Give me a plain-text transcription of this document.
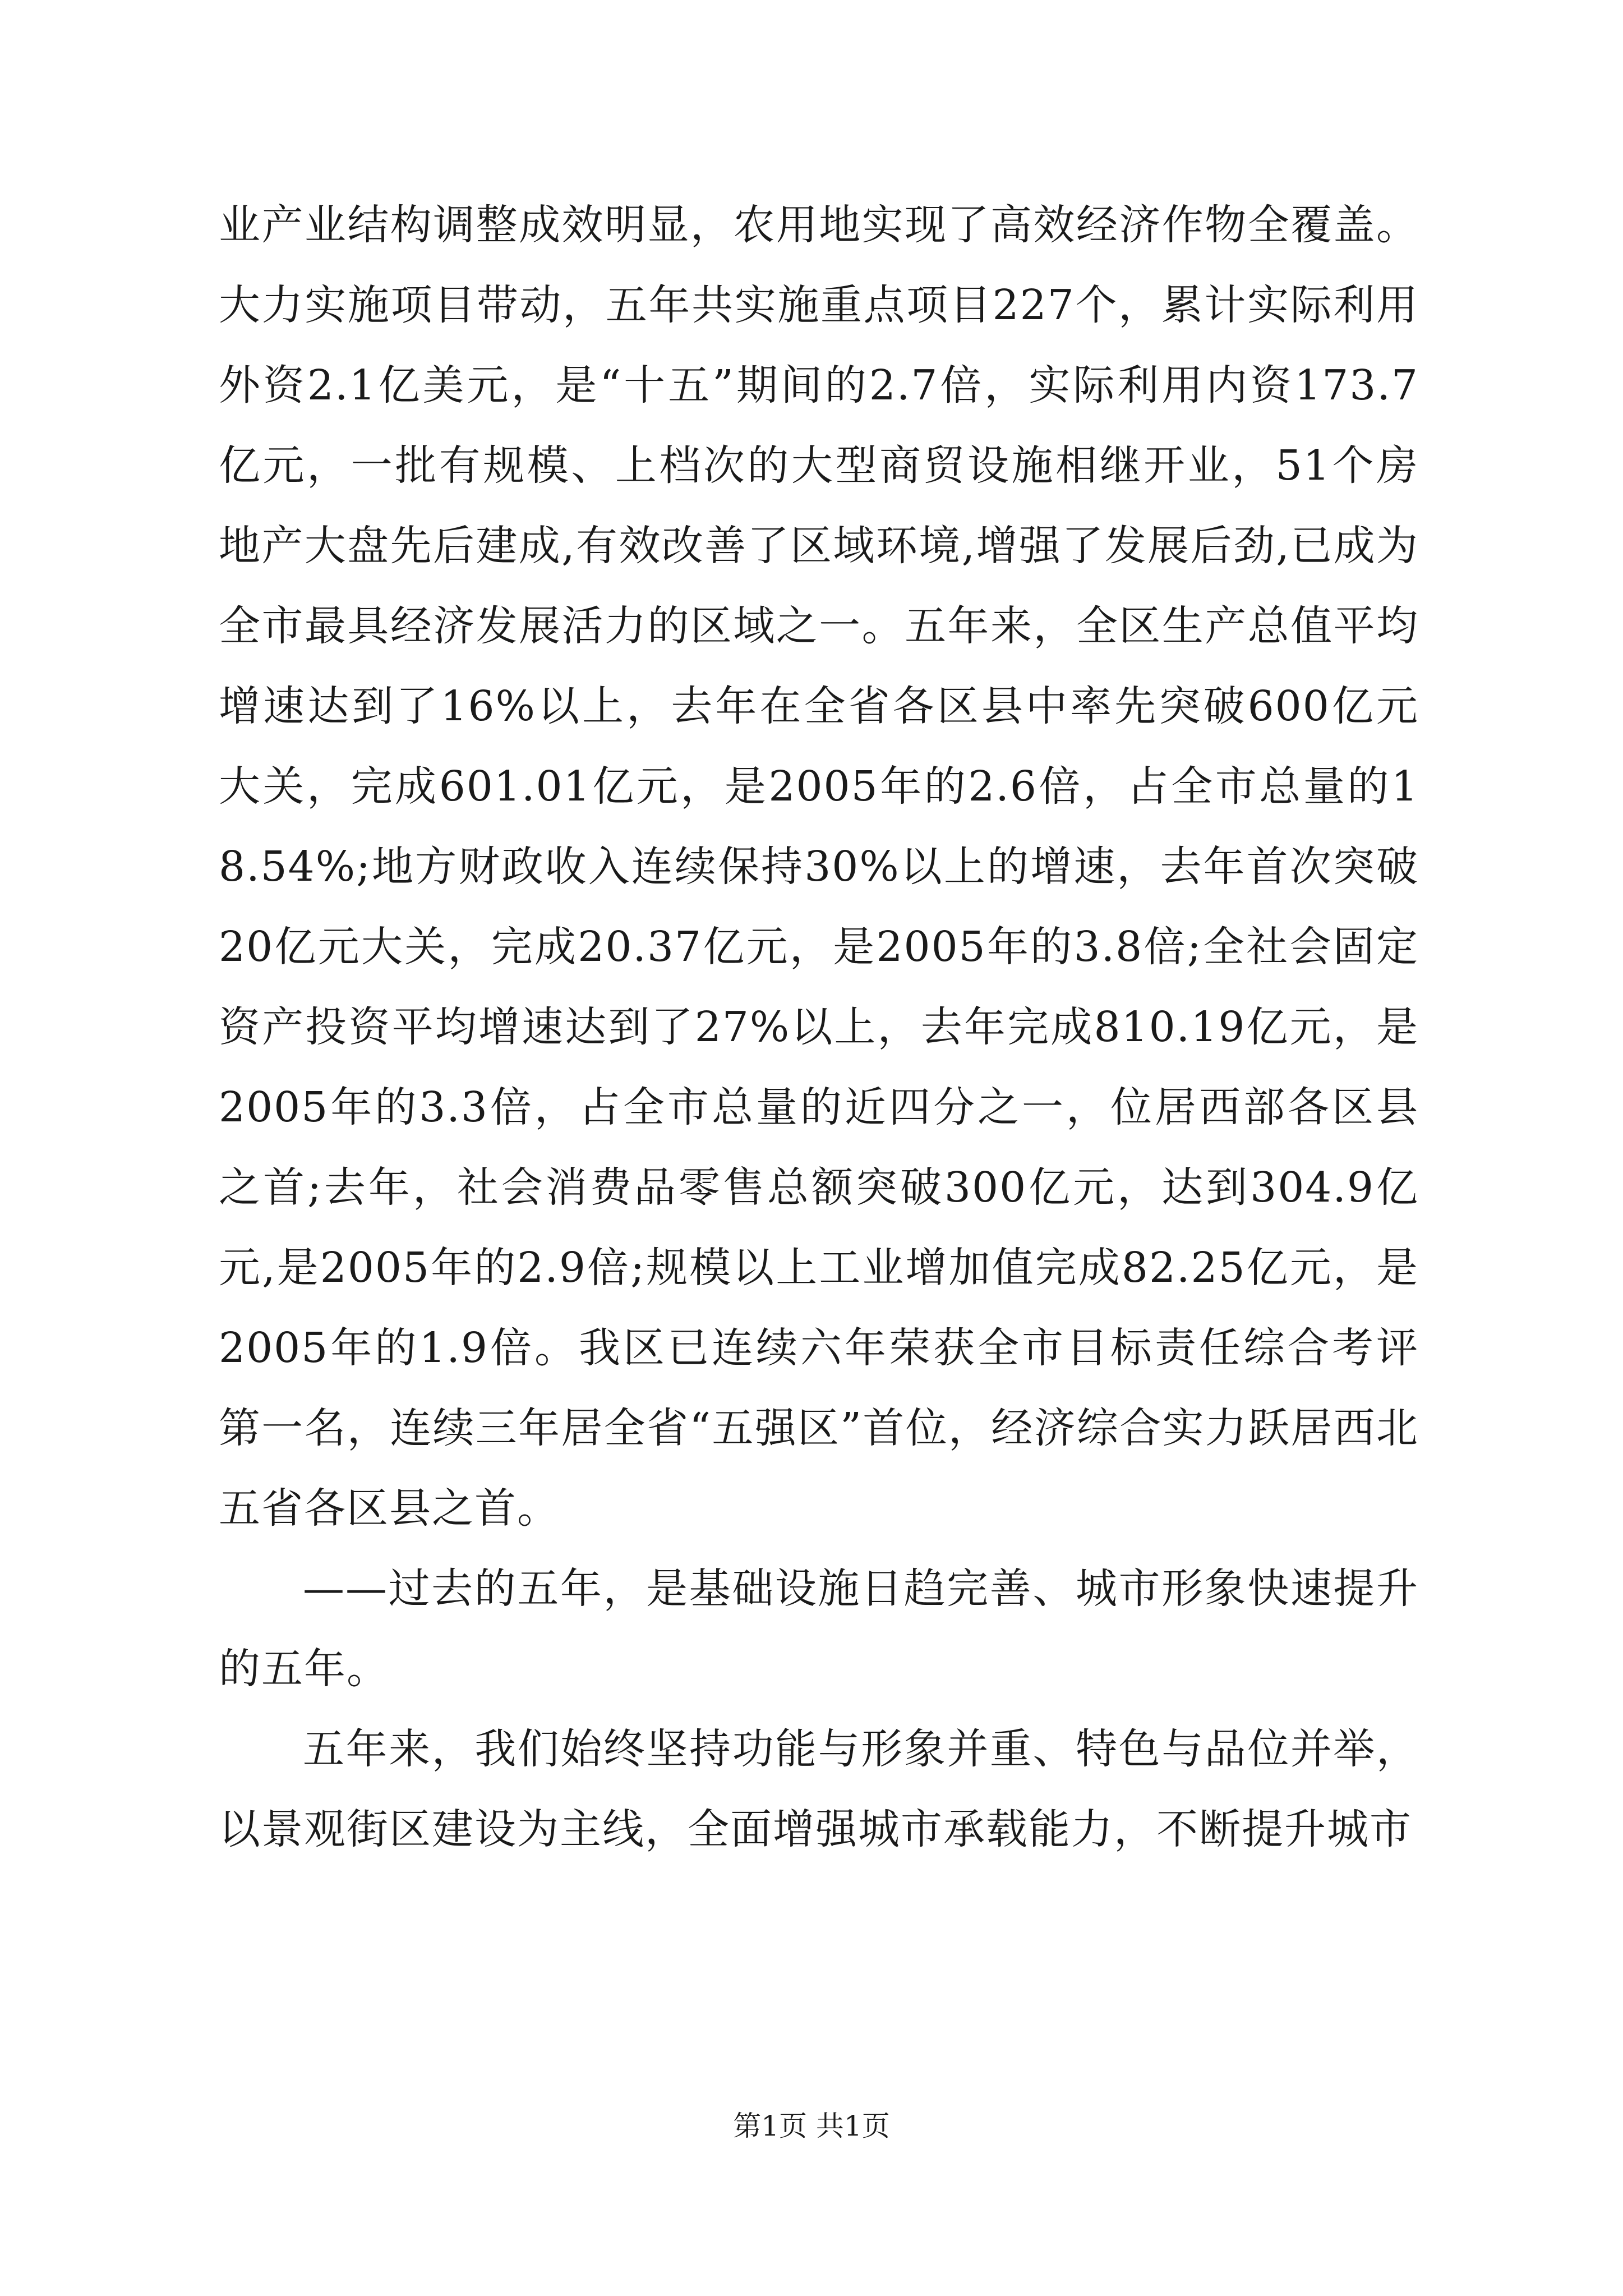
业产业结构调整成效明显，农用地实现了高效经济作物全覆盖。大力实施项目带动，五年共实施重点项目227个，累计实际利用外资2.1亿美元，是“十五”期间的2.7倍，实际利用内资173.7亿元，一批有规模、上档次的大型商贸设施相继开业，51个房地产大盘先后建成,有效改善了区域环境,增强了发展后劲,已成为全市最具经济发展活力的区域之一。五年来，全区生产总值平均增速达到了16%以上，去年在全省各区县中率先突破600亿元大关，完成601.01亿元，是2005年的2.6倍，占全市总量的18.54%;地方财政收入连续保持30%以上的增速，去年首次突破20亿元大关，完成20.37亿元，是2005年的3.8倍;全社会固定资产投资平均增速达到了27%以上，去年完成810.19亿元，是2005年的3.3倍，占全市总量的近四分之一，位居西部各区县之首;去年，社会消费品零售总额突破300亿元，达到304.9亿元,是2005年的2.9倍;规模以上工业增加值完成82.25亿元，是2005年的1.9倍。我区已连续六年荣获全市目标责任综合考评第一名，连续三年居全省“五强区”首位，经济综合实力跃居西北五省各区县之首。

——过去的五年，是基础设施日趋完善、城市形象快速提升的五年。

五年来，我们始终坚持功能与形象并重、特色与品位并举，以景观街区建设为主线，全面增强城市承载能力，不断提升城市

第1页 共1页
